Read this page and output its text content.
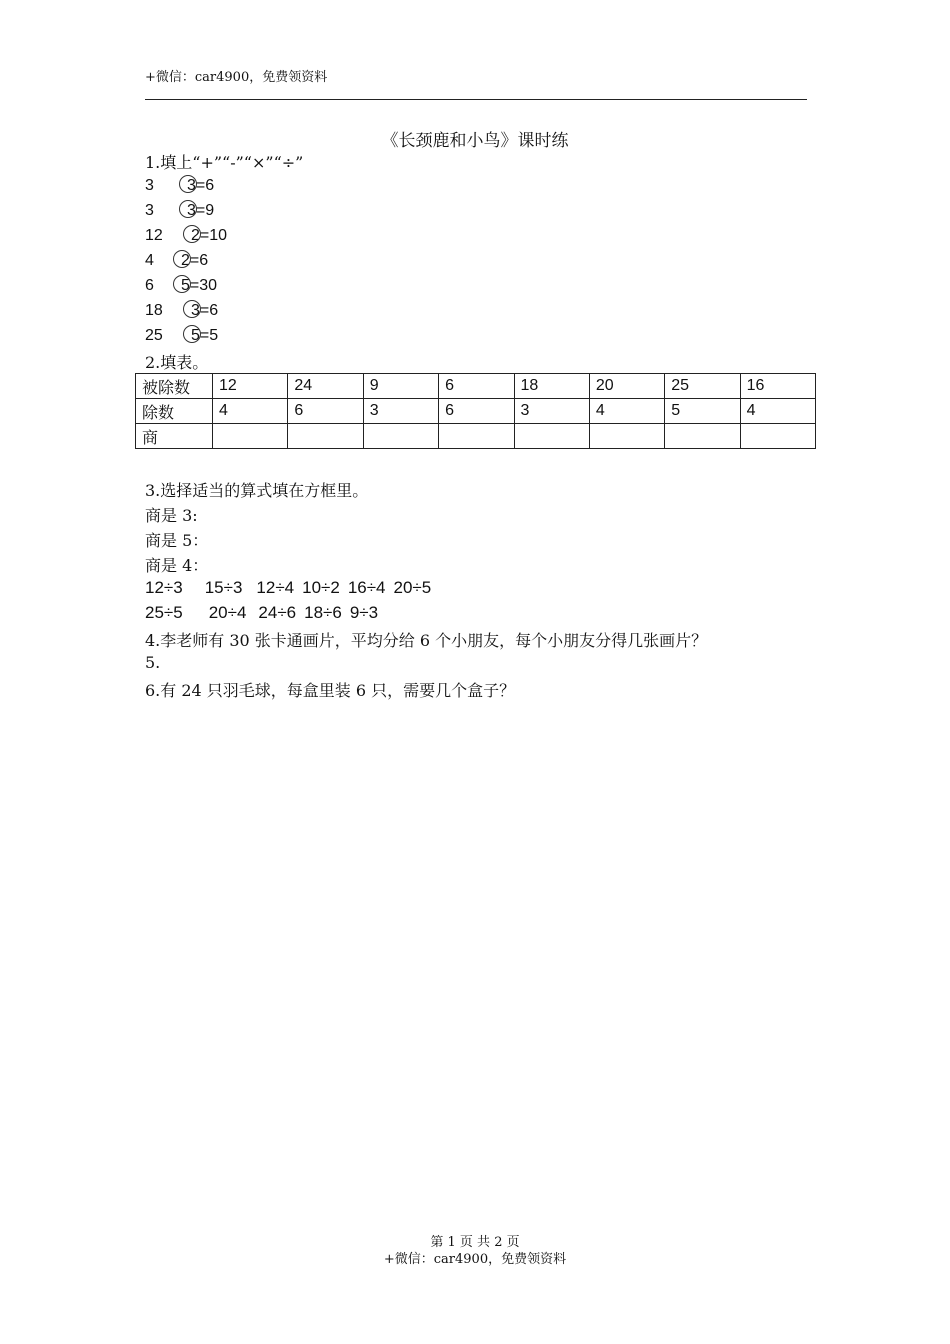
+微信：car4900，免费领资料
《长颈鹿和小鸟》课时练
1.填上“+”“-”“×”“÷”
3 3=6
3 3=9
12 2=10
4 2=6
6 5=30
18 3=6
25 5=5
2.填表。
被除数	12	24	9	6	18	20	25	16
除数	4	6	3	6	3	4	5	4
商								
3.选择适当的算式填在方框里。
商是 3:
商是 5：
商是 4：
12÷3 15÷3 12÷4 10÷2 16÷4 20÷5
25÷5 20÷4 24÷6 18÷6 9÷3
4.李老师有 30 张卡通画片，平均分给 6 个小朋友，每个小朋友分得几张画片？
5.
6.有 24 只羽毛球，每盒里装 6 只，需要几个盒子？
第 1 页 共 2 页
+微信：car4900，免费领资料
